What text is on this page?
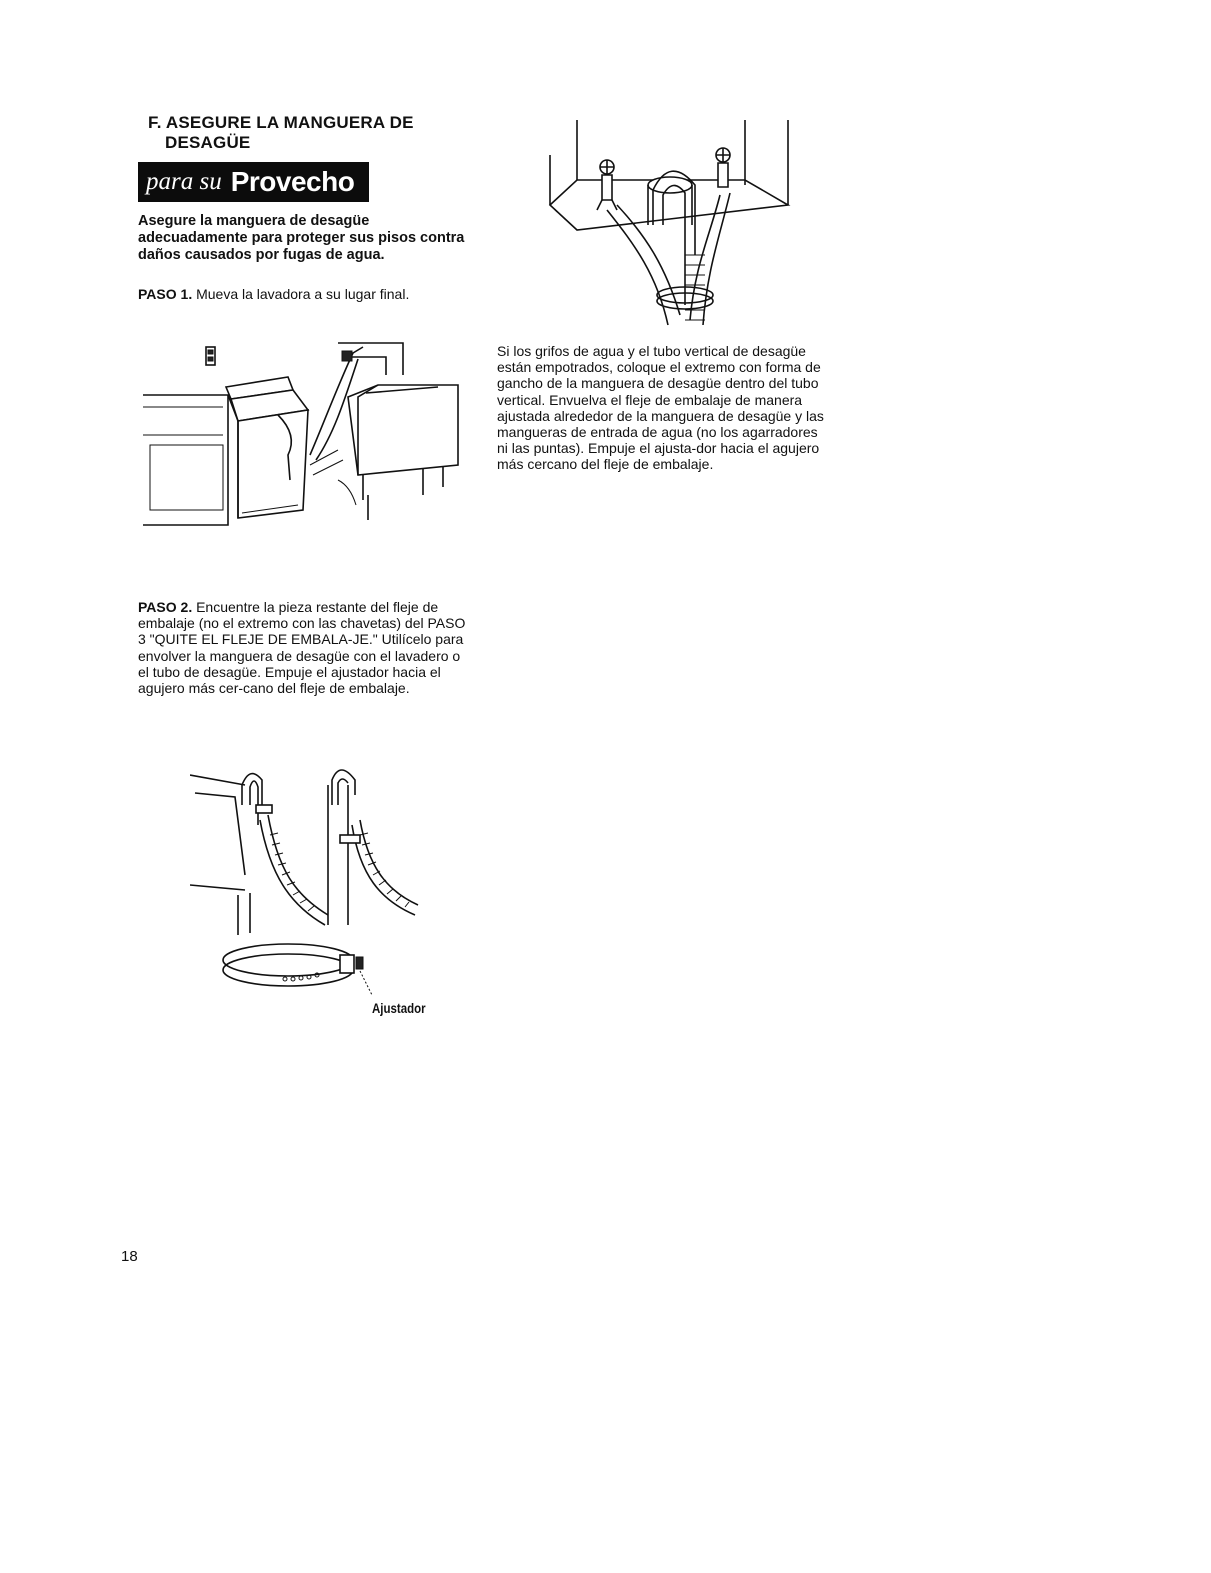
F. ASEGURE LA MANGUERA DE
DESAGÜE
para su Provecho
Asegure la manguera de desagüe adecuadamente para proteger sus pisos contra daños causados por fugas de agua.
PASO 1. Mueva la lavadora a su lugar final.
PASO 2. Encuentre la pieza restante del fleje de embalaje (no el extremo con las chavetas) del PASO 3 "QUITE EL FLEJE DE EMBALA-JE." Utilícelo para envolver la manguera de desagüe con el lavadero o el tubo de desagüe. Empuje el ajustador hacia el agujero más cer-cano del fleje de embalaje.
Ajustador
Si los grifos de agua y el tubo vertical de desagüe están empotrados, coloque el extremo con forma de gancho de la manguera de desagüe dentro del tubo vertical. Envuelva el fleje de embalaje de manera ajustada alrededor de la manguera de desagüe y las mangueras de entrada de agua (no los agarradores ni las puntas). Empuje el ajusta-dor hacia el agujero más cercano del fleje de embalaje.
18
